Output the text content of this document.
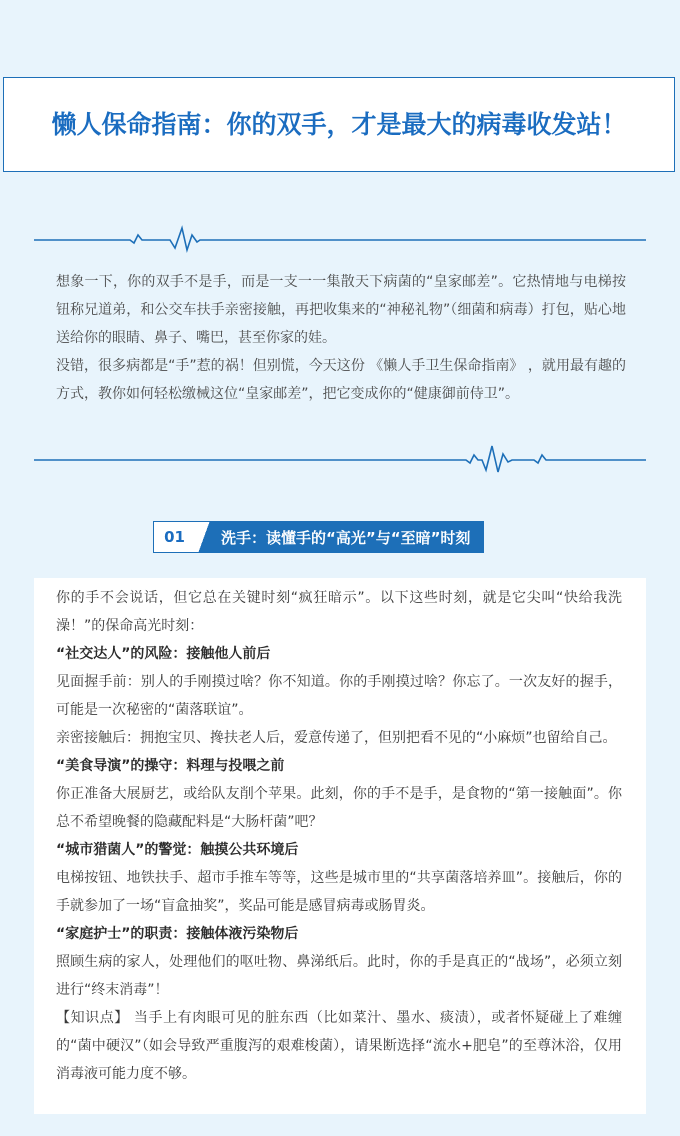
懒人保命指南：你的双手，才是最大的病毒收发站！

想象一下，你的双手不是手，而是一支一一集散天下病菌的“皇家邮差”。它热情地与电梯按钮称兄道弟，和公交车扶手亲密接触，再把收集来的“神秘礼物”（细菌和病毒）打包，贴心地送给你的眼睛、鼻子、嘴巴，甚至你家的娃。

没错，很多病都是“手”惹的祸！但别慌，今天这份 《懒人手卫生保命指南》 ，就用最有趣的方式，教你如何轻松缴械这位“皇家邮差”，把它变成你的“健康御前侍卫”。

01	洗手：读懂手的“高光”与“至暗”时刻

你的手不会说话，但它总在关键时刻“疯狂暗示”。以下这些时刻，就是它尖叫“快给我洗澡！”的保命高光时刻：

“社交达人”的风险：接触他人前后

见面握手前：别人的手刚摸过啥？你不知道。你的手刚摸过啥？你忘了。一次友好的握手，可能是一次秘密的“菌落联谊”。

亲密接触后：拥抱宝贝、搀扶老人后，爱意传递了，但别把看不见的“小麻烦”也留给自己。

“美食导演”的操守：料理与投喂之前

你正准备大展厨艺，或给队友削个苹果。此刻，你的手不是手，是食物的“第一接触面”。你总不希望晚餐的隐藏配料是“大肠杆菌”吧？

“城市猎菌人”的警觉：触摸公共环境后

电梯按钮、地铁扶手、超市手推车等等，这些是城市里的“共享菌落培养皿”。接触后，你的手就参加了一场“盲盒抽奖”，奖品可能是感冒病毒或肠胃炎。

“家庭护士”的职责：接触体液污染物后

照顾生病的家人，处理他们的呕吐物、鼻涕纸后。此时，你的手是真正的“战场”，必须立刻进行“终末消毒”！

【知识点】 当手上有肉眼可见的脏东西（比如菜汁、墨水、痰渍），或者怀疑碰上了难缠的“菌中硬汉”（如会导致严重腹泻的艰难梭菌），请果断选择“流水+肥皂”的至尊沐浴，仅用消毒液可能力度不够。
